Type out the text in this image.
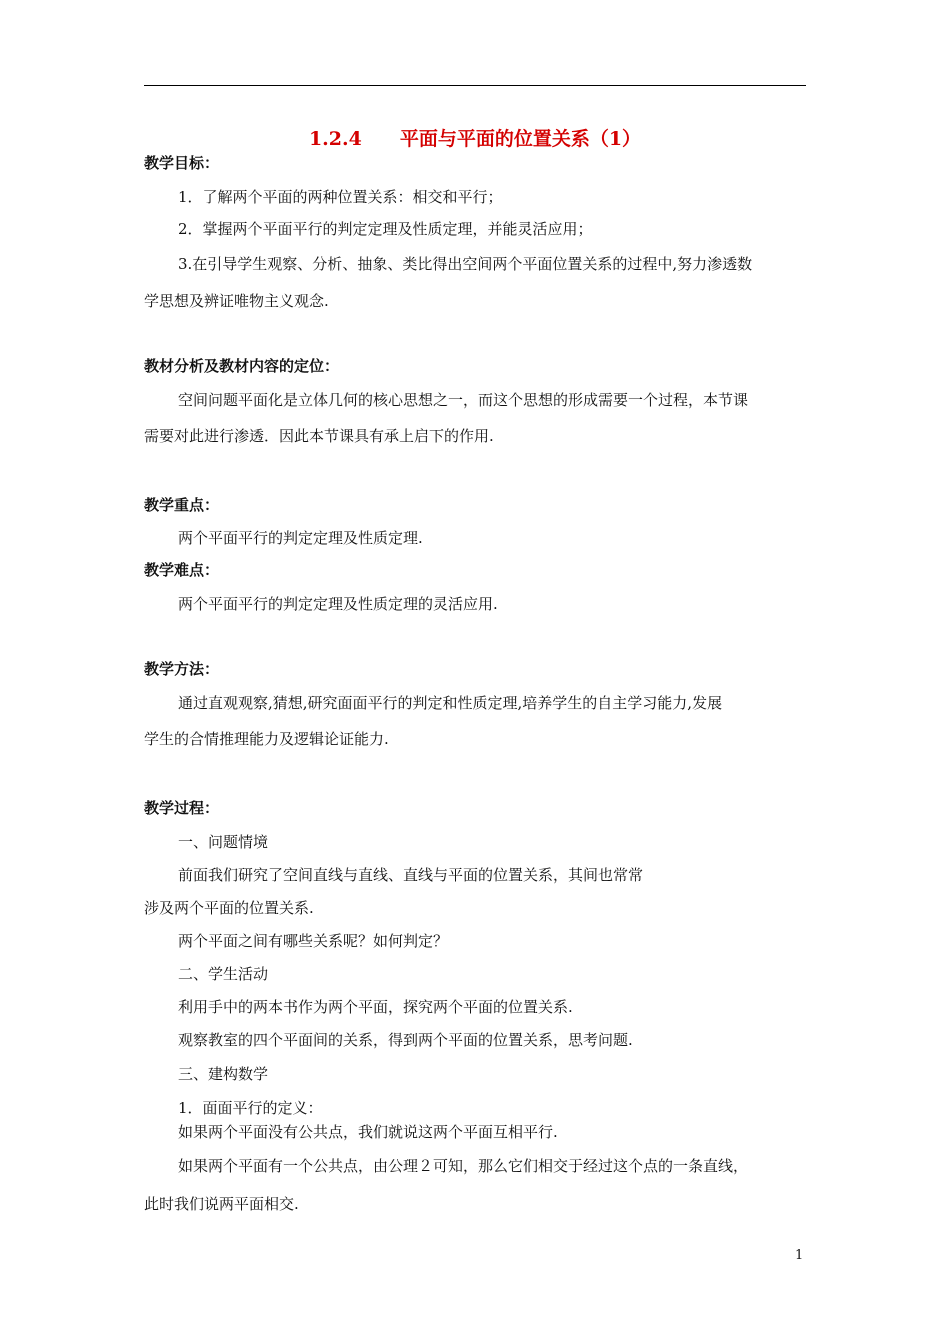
1.2.4　　平面与平面的位置关系（1）
教学目标：
1．了解两个平面的两种位置关系：相交和平行；
2．掌握两个平面平行的判定定理及性质定理，并能灵活应用；
3.在引导学生观察、分析、抽象、类比得出空间两个平面位置关系的过程中,努力渗透数
学思想及辨证唯物主义观念.
教材分析及教材内容的定位：
空间问题平面化是立体几何的核心思想之一，而这个思想的形成需要一个过程，本节课
需要对此进行渗透．因此本节课具有承上启下的作用.
教学重点：
两个平面平行的判定定理及性质定理.
教学难点：
两个平面平行的判定定理及性质定理的灵活应用.
教学方法：
通过直观观察,猜想,研究面面平行的判定和性质定理,培养学生的自主学习能力,发展
学生的合情推理能力及逻辑论证能力.
教学过程：
一、问题情境
前面我们研究了空间直线与直线、直线与平面的位置关系，其间也常常
涉及两个平面的位置关系.
两个平面之间有哪些关系呢？如何判定？
二、学生活动
利用手中的两本书作为两个平面，探究两个平面的位置关系.
观察教室的四个平面间的关系，得到两个平面的位置关系，思考问题.
三、建构数学
1．面面平行的定义：
如果两个平面没有公共点，我们就说这两个平面互相平行.
如果两个平面有一个公共点，由公理２可知，那么它们相交于经过这个点的一条直线，
此时我们说两平面相交.
1
